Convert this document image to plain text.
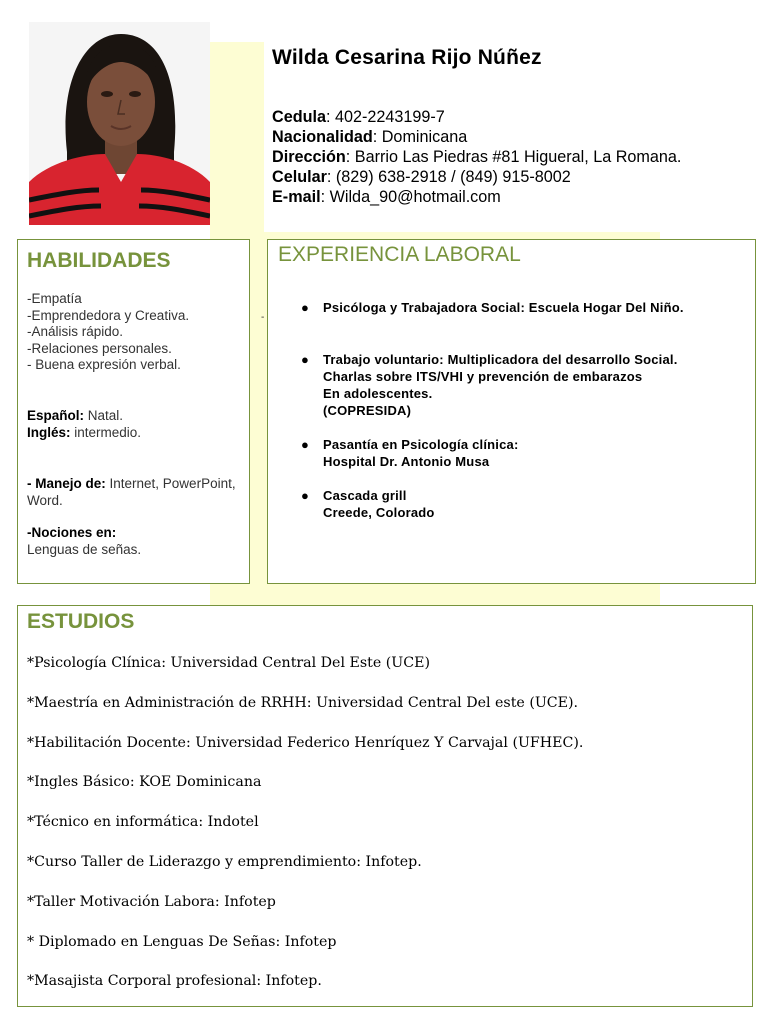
Wilda Cesarina Rijo Núñez
Cedula: 402-2243199-7
Nacionalidad: Dominicana
Dirección: Barrio Las Piedras #81 Higueral, La Romana.
Celular: (829) 638-2918 / (849) 915-8002
E-mail: Wilda_90@hotmail.com
HABILIDADES
-Empatía
-Emprendedora y Creativa.
-Análisis rápido.
-Relaciones personales.
- Buena expresión verbal.
Español: Natal.
Inglés: intermedio.
- Manejo de: Internet, PowerPoint, Word.
-Nociones en:
Lenguas de señas.
-
EXPERIENCIA LABORAL
● Psicóloga y Trabajadora Social: Escuela Hogar Del Niño.
● Trabajo voluntario: Multiplicadora del desarrollo Social.
Charlas sobre ITS/VHI y prevención de embarazos
En adolescentes.
(COPRESIDA)
● Pasantía en Psicología clínica:
Hospital Dr. Antonio Musa
● Cascada grill
Creede, Colorado
ESTUDIOS
*Psicología Clínica: Universidad Central Del Este (UCE)
*Maestría en Administración de RRHH: Universidad Central Del este (UCE).
*Habilitación Docente: Universidad Federico Henríquez Y Carvajal (UFHEC).
*Ingles Básico: KOE Dominicana
*Técnico en informática: Indotel
*Curso Taller de Liderazgo y emprendimiento: Infotep.
*Taller Motivación Labora: Infotep
* Diplomado en Lenguas De Señas: Infotep
*Masajista Corporal profesional: Infotep.
